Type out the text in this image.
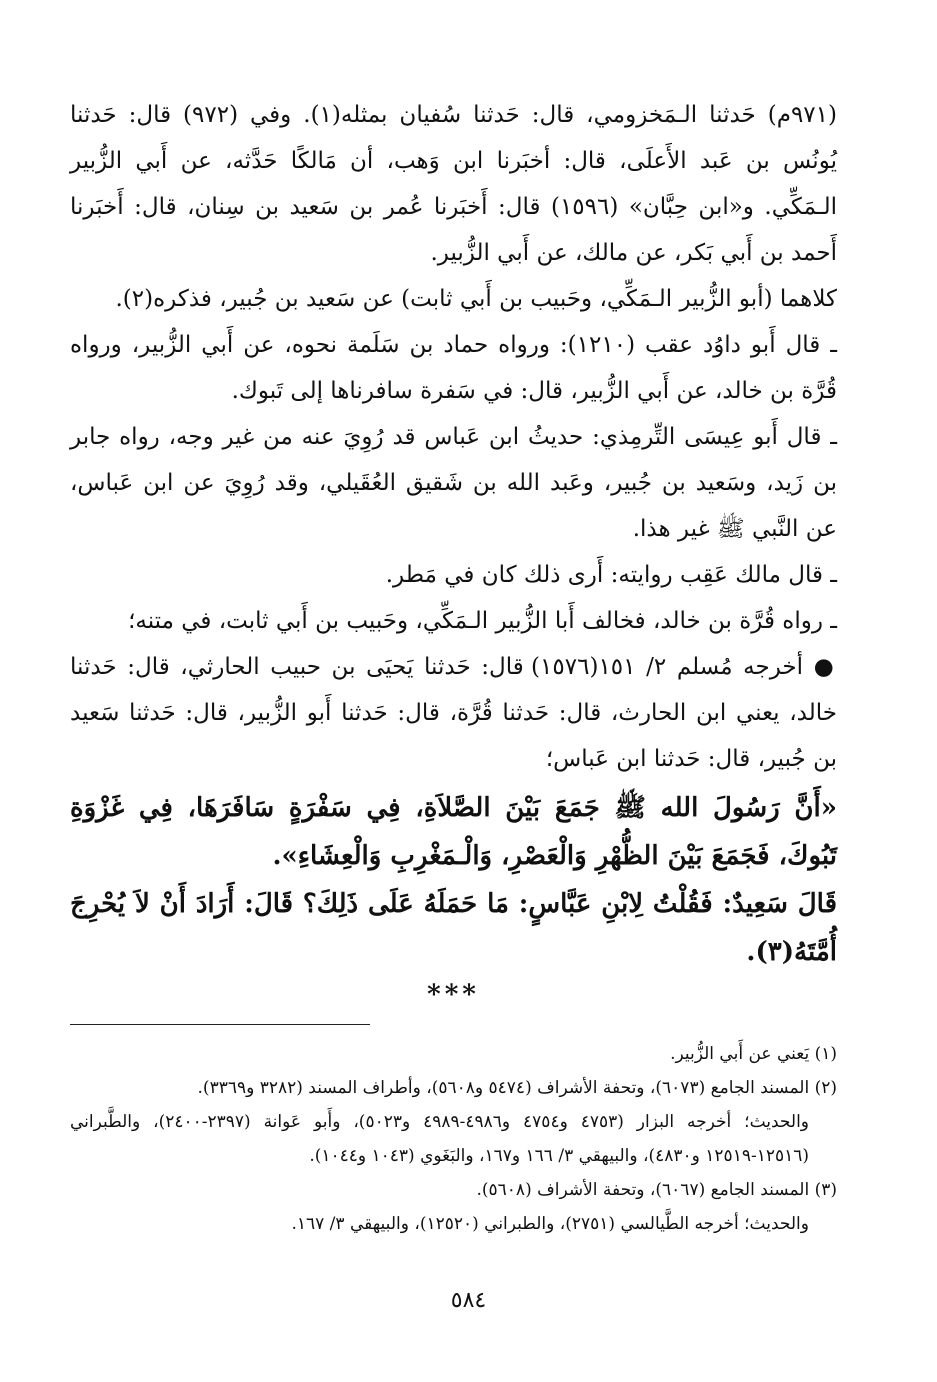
(٩٧١م) حَدثنا الـمَخزومي، قال: حَدثنا سُفيان بمثله(١). وفي (٩٧٢) قال: حَدثنا يُونُس بن عَبد الأَعلَى، قال: أخبَرنا ابن وَهب، أن مَالكًا حَدَّثه، عن أَبي الزُّبير الـمَكِّي. و«ابن حِبَّان» (١٥٩٦) قال: أَخبَرنا عُمر بن سَعيد بن سِنان، قال: أَخبَرنا أَحمد بن أَبي بَكر، عن مالك، عن أَبي الزُّبير.

كلاهما (أبو الزُّبير الـمَكِّي، وحَبيب بن أَبي ثابت) عن سَعيد بن جُبير، فذكره(٢).

ـ قال أَبو داوُد عقب (١٢١٠): ورواه حماد بن سَلَمة نحوه، عن أَبي الزُّبير، ورواه قُرَّة بن خالد، عن أَبي الزُّبير، قال: في سَفرة سافرناها إلى تَبوك.

ـ قال أَبو عِيسَى التِّرمِذي: حديثُ ابن عَباس قد رُوِيَ عنه من غير وجه، رواه جابر بن زَيد، وسَعيد بن جُبير، وعَبد الله بن شَقيق العُقَيلي، وقد رُوِيَ عن ابن عَباس، عن النَّبي ﷺ غير هذا.

ـ قال مالك عَقِب روايته: أَرى ذلك كان في مَطر.

ـ رواه قُرَّة بن خالد، فخالف أَبا الزُّبير الـمَكِّي، وحَبيب بن أَبي ثابت، في متنه؛

● أخرجه مُسلم ٢/ ١٥١(١٥٧٦) قال: حَدثنا يَحيَى بن حبيب الحارثي، قال: حَدثنا خالد، يعني ابن الحارث، قال: حَدثنا قُرَّة، قال: حَدثنا أَبو الزُّبير، قال: حَدثنا سَعيد بن جُبير، قال: حَدثنا ابن عَباس؛

«أَنَّ رَسُولَ الله ﷺ جَمَعَ بَيْنَ الصَّلاَةِ، فِي سَفْرَةٍ سَافَرَهَا، فِي غَزْوَةِ تَبُوكَ، فَجَمَعَ بَيْنَ الظُّهْرِ وَالْعَصْرِ، وَالْـمَغْرِبِ وَالْعِشَاءِ».

قَالَ سَعِيدٌ: فَقُلْتُ لِابْنِ عَبَّاسٍ: مَا حَمَلَهُ عَلَى ذَلِكَ؟ قَالَ: أَرَادَ أَنْ لاَ يُحْرِجَ أُمَّتَهُ(٣).

***

(١) يَعني عن أَبي الزُّبير.

(٢) المسند الجامع (٦٠٧٣)، وتحفة الأشراف (٥٤٧٤ و٥٦٠٨)، وأطراف المسند (٣٢٨٢ و٣٣٦٩).

والحديث؛ أخرجه البزار (٤٧٥٣ و٤٧٥٤ و٤٩٨٦-٤٩٨٩ و٥٠٢٣)، وأَبو عَوانة (٢٣٩٧-٢٤٠٠)، والطَّبراني (١٢٥١٦-١٢٥١٩ و٤٨٣٠)، والبيهقي ٣/ ١٦٦ و١٦٧، والبَغَوي (١٠٤٣ و١٠٤٤).

(٣) المسند الجامع (٦٠٦٧)، وتحفة الأشراف (٥٦٠٨).

والحديث؛ أخرجه الطَّيالسي (٢٧٥١)، والطبراني (١٢٥٢٠)، والبيهقي ٣/ ١٦٧.

٥٨٤
